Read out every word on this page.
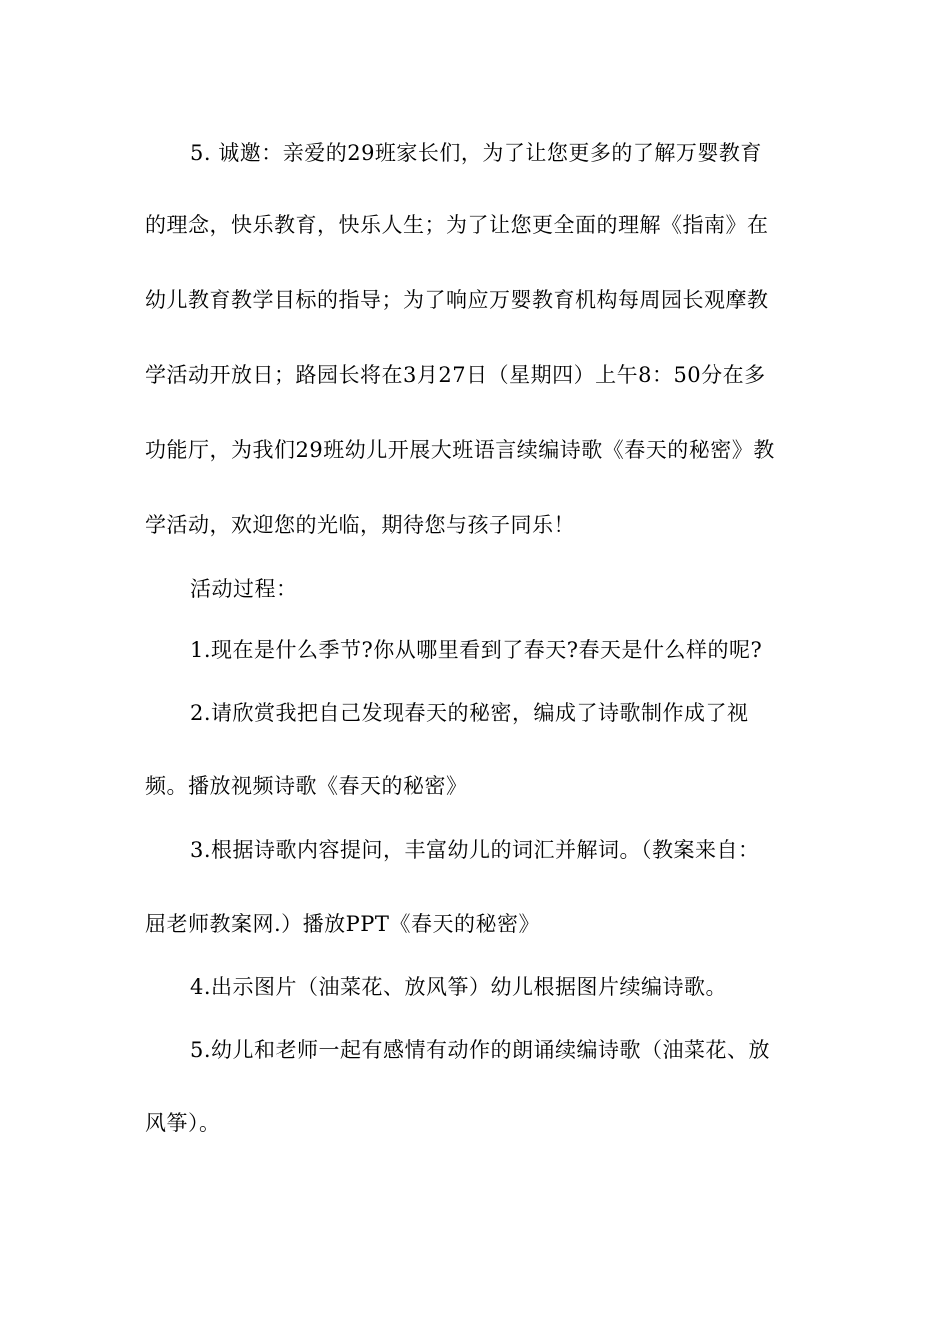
5. 诚邀：亲爱的29班家长们，为了让您更多的了解万婴教育
的理念，快乐教育，快乐人生；为了让您更全面的理解《指南》在
幼儿教育教学目标的指导；为了响应万婴教育机构每周园长观摩教
学活动开放日；路园长将在3月27日（星期四）上午8：50分在多
功能厅，为我们29班幼儿开展大班语言续编诗歌《春天的秘密》教
学活动，欢迎您的光临，期待您与孩子同乐！
活动过程：
1.现在是什么季节?你从哪里看到了春天?春天是什么样的呢?
2.请欣赏我把自己发现春天的秘密，编成了诗歌制作成了视
频。播放视频诗歌《春天的秘密》
3.根据诗歌内容提问，丰富幼儿的词汇并解词。（教案来自：
屈老师教案网.）播放PPT《春天的秘密》
4.出示图片（油菜花、放风筝）幼儿根据图片续编诗歌。
5.幼儿和老师一起有感情有动作的朗诵续编诗歌（油菜花、放
风筝）。
